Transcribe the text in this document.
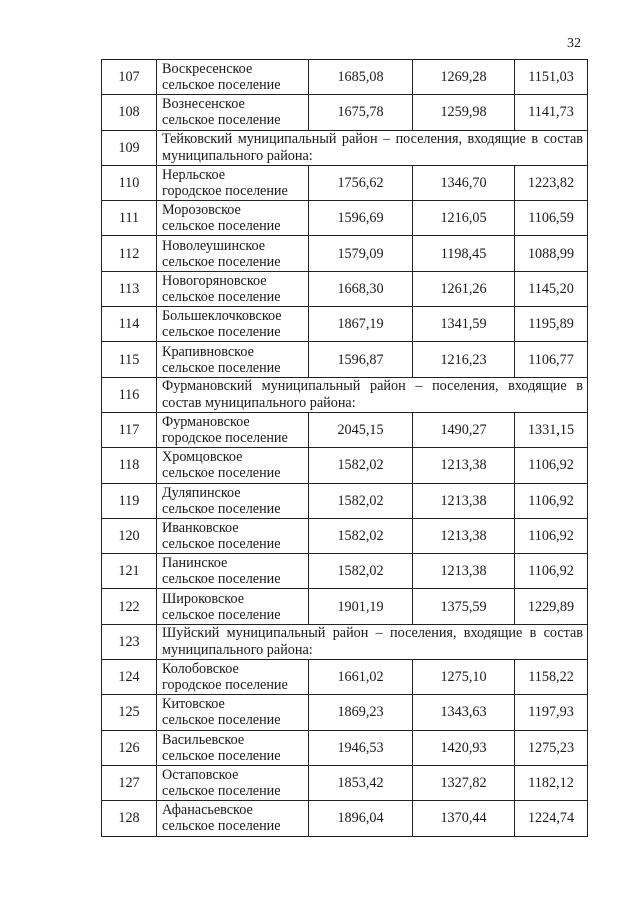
32
107	Воскресенское
сельское поселение	1685,08	1269,28	1151,03
108	Вознесенское
сельское поселение	1675,78	1259,98	1141,73
109	Тейковский муниципальный район – поселения, входящие в состав муниципального района:			
110	Нерльское
городское поселение	1756,62	1346,70	1223,82
111	Морозовское
сельское поселение	1596,69	1216,05	1106,59
112	Новолеушинское
сельское поселение	1579,09	1198,45	1088,99
113	Новогоряновское
сельское поселение	1668,30	1261,26	1145,20
114	Большеклочковское
сельское поселение	1867,19	1341,59	1195,89
115	Крапивновское
сельское поселение	1596,87	1216,23	1106,77
116	Фурмановский муниципальный район – поселения, входящие в состав муниципального района:			
117	Фурмановское
городское поселение	2045,15	1490,27	1331,15
118	Хромцовское
сельское поселение	1582,02	1213,38	1106,92
119	Дуляпинское
сельское поселение	1582,02	1213,38	1106,92
120	Иванковское
сельское поселение	1582,02	1213,38	1106,92
121	Панинское
сельское поселение	1582,02	1213,38	1106,92
122	Широковское
сельское поселение	1901,19	1375,59	1229,89
123	Шуйский муниципальный район – поселения, входящие в состав муниципального района:			
124	Колобовское
городское поселение	1661,02	1275,10	1158,22
125	Китовское
сельское поселение	1869,23	1343,63	1197,93
126	Васильевское
сельское поселение	1946,53	1420,93	1275,23
127	Остаповское
сельское поселение	1853,42	1327,82	1182,12
128	Афанасьевское
сельское поселение	1896,04	1370,44	1224,74
